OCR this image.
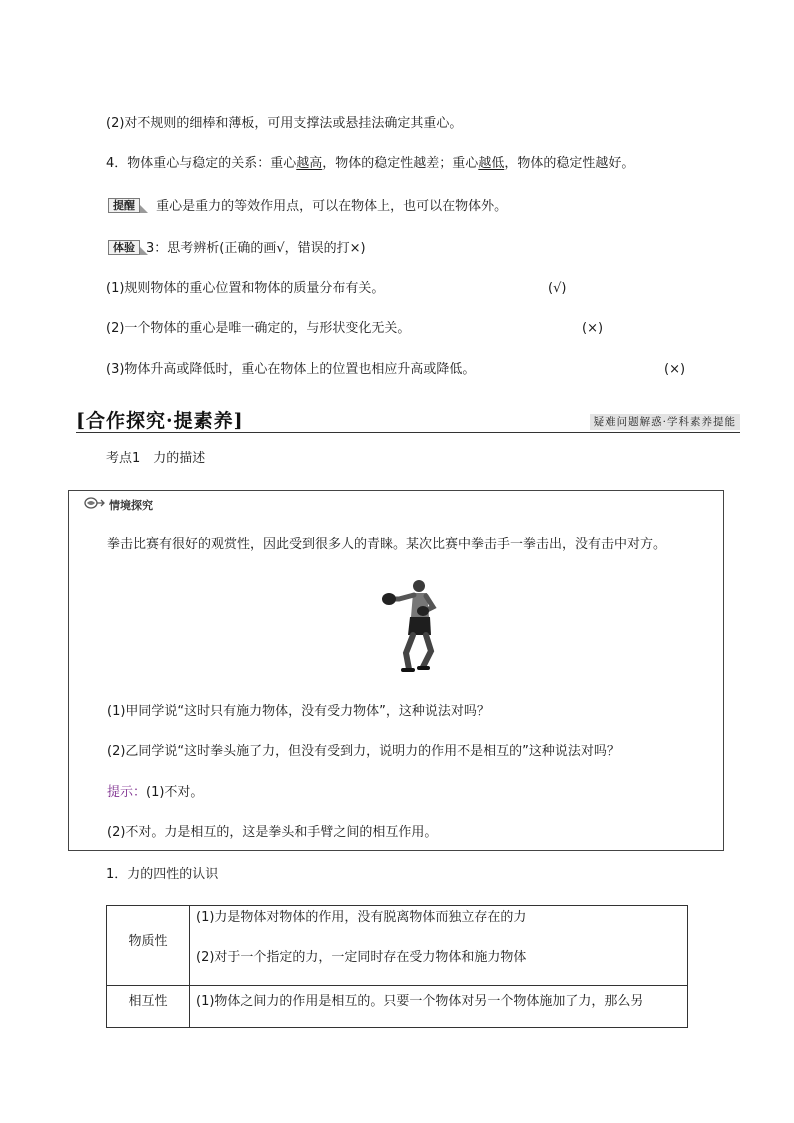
(2)对不规则的细棒和薄板，可用支撑法或悬挂法确定其重心。
4．物体重心与稳定的关系：重心越高，物体的稳定性越差；重心越低，物体的稳定性越好。
提醒 重心是重力的等效作用点，可以在物体上，也可以在物体外。
体验 3：思考辨析(正确的画√，错误的打×)
(1)规则物体的重心位置和物体的质量分布有关。	(√)
(2)一个物体的重心是唯一确定的，与形状变化无关。	(×)
(3)物体升高或降低时，重心在物体上的位置也相应升高或降低。	(×)
[合作探究·提素养]	疑难问题解惑·学科素养提能
考点1　力的描述
情境探究
拳击比赛有很好的观赏性，因此受到很多人的青睐。某次比赛中拳击手一拳击出，没有击中对方。
(1)甲同学说“这时只有施力物体，没有受力物体”，这种说法对吗？
(2)乙同学说“这时拳头施了力，但没有受到力，说明力的作用不是相互的”这种说法对吗？
提示：(1)不对。
(2)不对。力是相互的，这是拳头和手臂之间的相互作用。
1．力的四性的认识
物质性	(1)力是物体对物体的作用，没有脱离物体而独立存在的力
(2)对于一个指定的力，一定同时存在受力物体和施力物体

相互性	(1)物体之间力的作用是相互的。只要一个物体对另一个物体施加了力，那么另
